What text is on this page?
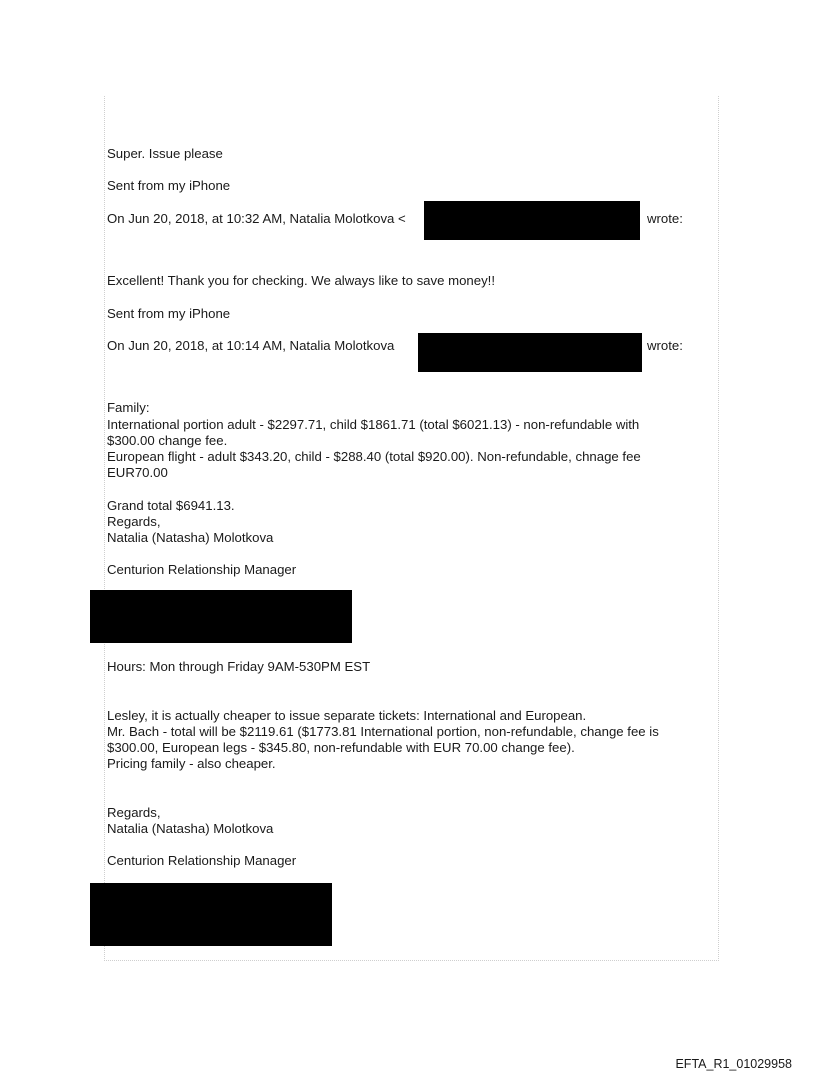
Super. Issue please
Sent from my iPhone
On Jun 20, 2018, at 10:32 AM, Natalia Molotkova <	wrote:
Excellent! Thank you for checking. We always like to save money!!
Sent from my iPhone
On Jun 20, 2018, at 10:14 AM, Natalia Molotkova	wrote:
Family:
International portion adult - $2297.71, child $1861.71 (total $6021.13) - non-refundable with
$300.00 change fee.
European flight - adult $343.20, child - $288.40 (total $920.00). Non-refundable, chnage fee
EUR70.00
Grand total $6941.13.
Regards,
Natalia (Natasha) Molotkova
Centurion Relationship Manager
Hours: Mon through Friday 9AM-530PM EST
Lesley, it is actually cheaper to issue separate tickets: International and European.
Mr. Bach - total will be $2119.61 ($1773.81 International portion, non-refundable, change fee is
$300.00, European legs - $345.80, non-refundable with EUR 70.00 change fee).
Pricing family - also cheaper.
Regards,
Natalia (Natasha) Molotkova
Centurion Relationship Manager
EFTA_R1_01029958
